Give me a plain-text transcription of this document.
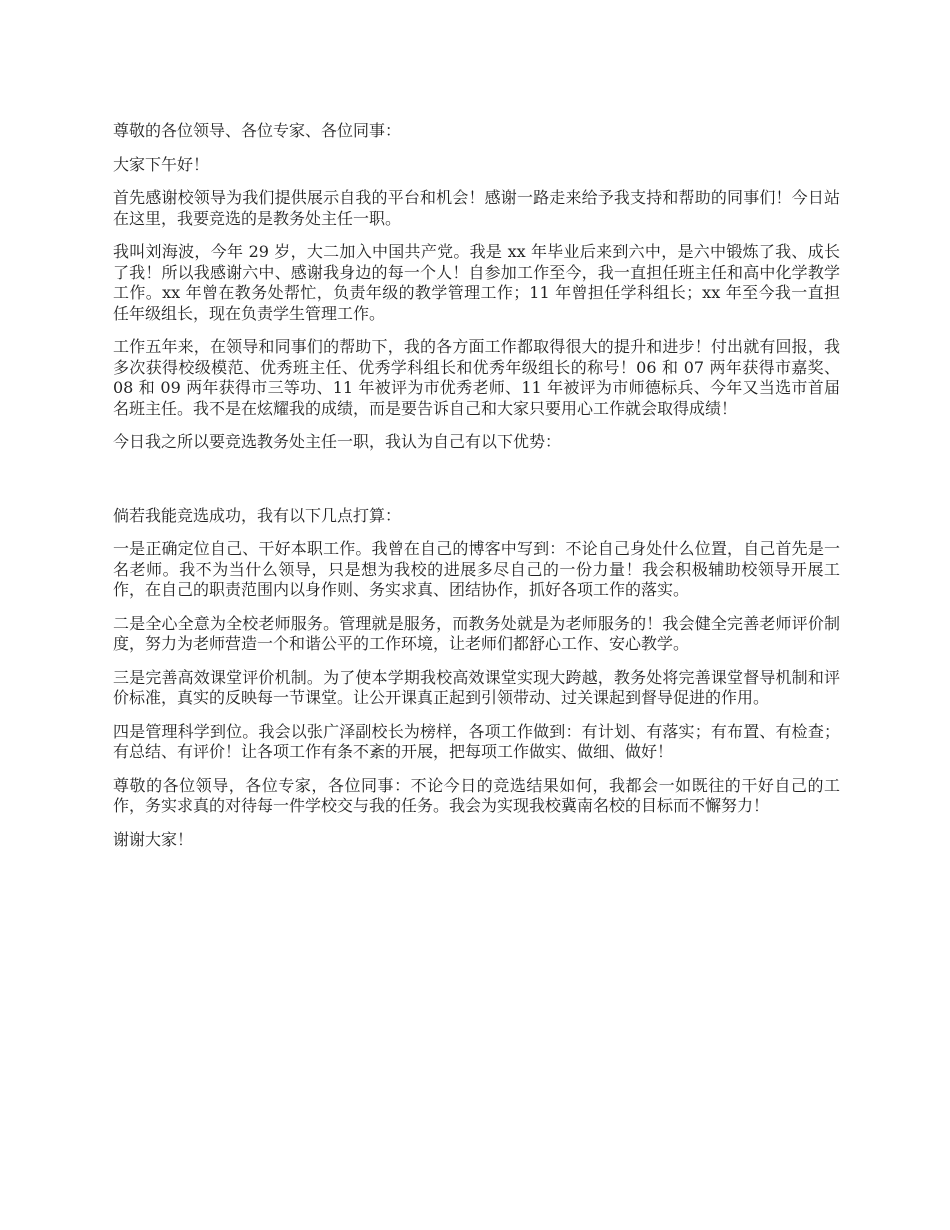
尊敬的各位领导、各位专家、各位同事：

大家下午好！

首先感谢校领导为我们提供展示自我的平台和机会！感谢一路走来给予我支持和帮助的同事们！今日站在这里，我要竞选的是教务处主任一职。

我叫刘海波，今年 29 岁，大二加入中国共产党。我是 xx 年毕业后来到六中，是六中锻炼了我、成长了我！所以我感谢六中、感谢我身边的每一个人！自参加工作至今，我一直担任班主任和高中化学教学工作。xx 年曾在教务处帮忙，负责年级的教学管理工作；11 年曾担任学科组长；xx 年至今我一直担任年级组长，现在负责学生管理工作。

工作五年来，在领导和同事们的帮助下，我的各方面工作都取得很大的提升和进步！付出就有回报，我多次获得校级模范、优秀班主任、优秀学科组长和优秀年级组长的称号！06 和 07 两年获得市嘉奖、08 和 09 两年获得市三等功、11 年被评为市优秀老师、11 年被评为市师德标兵、今年又当选市首届名班主任。我不是在炫耀我的成绩，而是要告诉自己和大家只要用心工作就会取得成绩！

今日我之所以要竞选教务处主任一职，我认为自己有以下优势：

倘若我能竞选成功，我有以下几点打算：

一是正确定位自己、干好本职工作。我曾在自己的博客中写到：不论自己身处什么位置，自己首先是一名老师。我不为当什么领导，只是想为我校的进展多尽自己的一份力量！我会积极辅助校领导开展工作，在自己的职责范围内以身作则、务实求真、团结协作，抓好各项工作的落实。

二是全心全意为全校老师服务。管理就是服务，而教务处就是为老师服务的！我会健全完善老师评价制度，努力为老师营造一个和谐公平的工作环境，让老师们都舒心工作、安心教学。

三是完善高效课堂评价机制。为了使本学期我校高效课堂实现大跨越，教务处将完善课堂督导机制和评价标准，真实的反映每一节课堂。让公开课真正起到引领带动、过关课起到督导促进的作用。

四是管理科学到位。我会以张广泽副校长为榜样，各项工作做到：有计划、有落实；有布置、有检查；有总结、有评价！让各项工作有条不紊的开展，把每项工作做实、做细、做好！

尊敬的各位领导，各位专家，各位同事：不论今日的竞选结果如何，我都会一如既往的干好自己的工作，务实求真的对待每一件学校交与我的任务。我会为实现我校冀南名校的目标而不懈努力！

谢谢大家！
